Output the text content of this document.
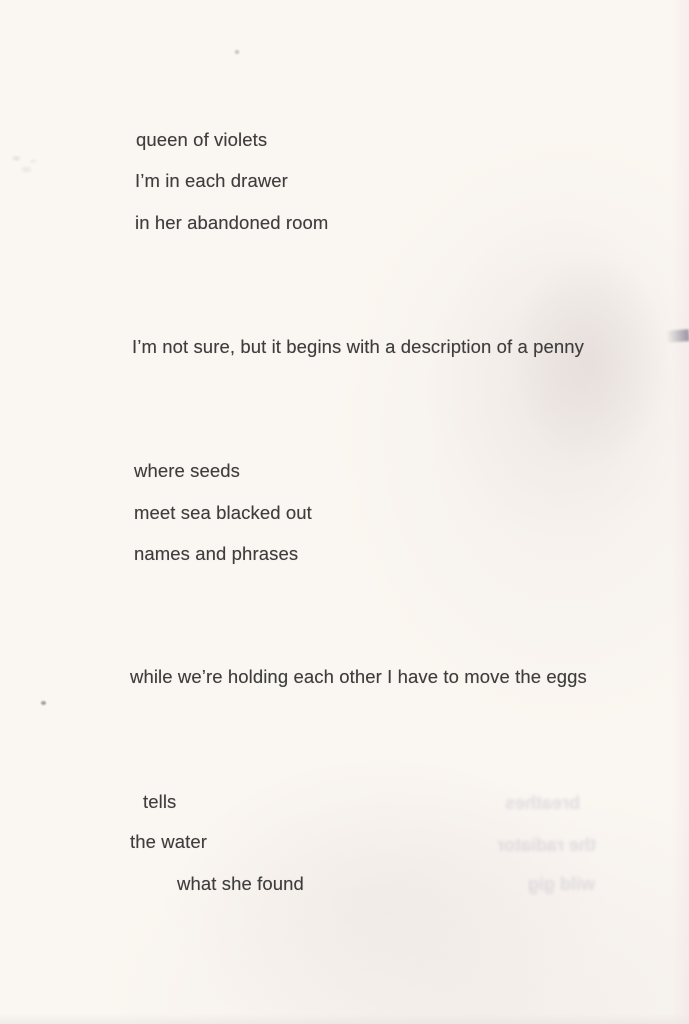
queen of violets
I’m in each drawer
in her abandoned room
I’m not sure, but it begins with a description of a penny
where seeds
meet sea blacked out
names and phrases
while we’re holding each other I have to move the eggs
tells
the water
what she found
breathes
the radiator
wild gig
